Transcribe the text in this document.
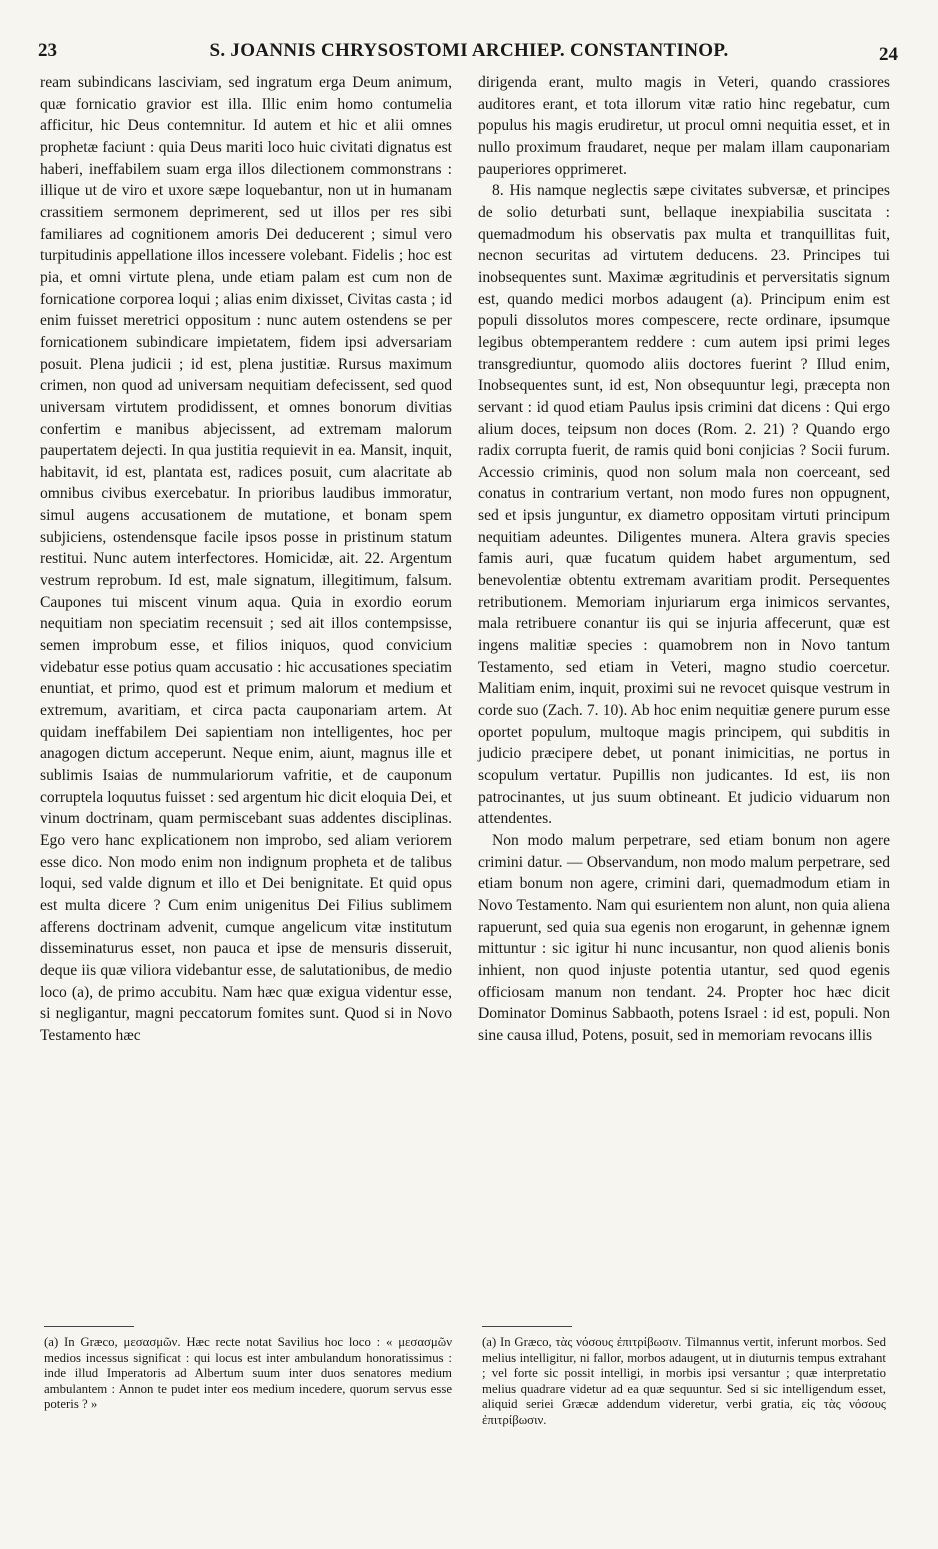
23	S. JOANNIS CHRYSOSTOMI ARCHIEP. CONSTANTINOP.	24

ream subindicans lasciviam, sed ingratum erga Deum animum, quæ fornicatio gravior est illa. Illic enim homo contumelia afficitur, hic Deus contemnitur. Id autem et hic et alii omnes prophetæ faciunt : quia Deus mariti loco huic civitati dignatus est haberi, ineffabilem suam erga illos dilectionem commonstrans : illique ut de viro et uxore sæpe loquebantur, non ut in humanam crassitiem sermonem deprimerent, sed ut illos per res sibi familiares ad cognitionem amoris Dei deducerent ; simul vero turpitudinis appellatione illos incessere volebant. Fidelis ; hoc est pia, et omni virtute plena, unde etiam palam est cum non de fornicatione corporea loqui ; alias enim dixisset, Civitas casta ; id enim fuisset meretrici oppositum : nunc autem ostendens se per fornicationem subindicare impietatem, fidem ipsi adversariam posuit. Plena judicii ; id est, plena justitiæ. Rursus maximum crimen, non quod ad universam nequitiam defecissent, sed quod universam virtutem prodidissent, et omnes bonorum divitias confertim e manibus abjecissent, ad extremam malorum paupertatem dejecti. In qua justitia requievit in ea. Mansit, inquit, habitavit, id est, plantata est, radices posuit, cum alacritate ab omnibus civibus exercebatur. In prioribus laudibus immoratur, simul augens accusationem de mutatione, et bonam spem subjiciens, ostendensque facile ipsos posse in pristinum statum restitui. Nunc autem interfectores. Homicidæ, ait. 22. Argentum vestrum reprobum. Id est, male signatum, illegitimum, falsum. Caupones tui miscent vinum aqua. Quia in exordio eorum nequitiam non speciatim recensuit ; sed ait illos contempsisse, semen improbum esse, et filios iniquos, quod convicium videbatur esse potius quam accusatio : hic accusationes speciatim enuntiat, et primo, quod est et primum malorum et medium et extremum, avaritiam, et circa pacta cauponariam artem. At quidam ineffabilem Dei sapientiam non intelligentes, hoc per anagogen dictum acceperunt. Neque enim, aiunt, magnus ille et sublimis Isaias de nummulariorum vafritie, et de cauponum corruptela loquutus fuisset : sed argentum hic dicit eloquia Dei, et vinum doctrinam, quam permiscebant suas addentes disciplinas. Ego vero hanc explicationem non improbo, sed aliam veriorem esse dico. Non modo enim non indignum propheta et de talibus loqui, sed valde dignum et illo et Dei benignitate. Et quid opus est multa dicere ? Cum enim unigenitus Dei Filius sublimem afferens doctrinam advenit, cumque angelicum vitæ institutum disseminaturus esset, non pauca et ipse de mensuris disseruit, deque iis quæ viliora videbantur esse, de salutationibus, de medio loco (a), de primo accubitu. Nam hæc quæ exigua videntur esse, si negligantur, magni peccatorum fomites sunt. Quod si in Novo Testamento hæc

dirigenda erant, multo magis in Veteri, quando crassiores auditores erant, et tota illorum vitæ ratio hinc regebatur, cum populus his magis erudiretur, ut procul omni nequitia esset, et in nullo proximum fraudaret, neque per malam illam cauponariam pauperiores opprimeret.

8. His namque neglectis sæpe civitates subversæ, et principes de solio deturbati sunt, bellaque inexpiabilia suscitata : quemadmodum his observatis pax multa et tranquillitas fuit, necnon securitas ad virtutem deducens. 23. Principes tui inobsequentes sunt. Maximæ ægritudinis et perversitatis signum est, quando medici morbos adaugent (a). Principum enim est populi dissolutos mores compescere, recte ordinare, ipsumque legibus obtemperantem reddere : cum autem ipsi primi leges transgrediuntur, quomodo aliis doctores fuerint ? Illud enim, Inobsequentes sunt, id est, Non obsequuntur legi, præcepta non servant : id quod etiam Paulus ipsis crimini dat dicens : Qui ergo alium doces, teipsum non doces (Rom. 2. 21) ? Quando ergo radix corrupta fuerit, de ramis quid boni conjicias ? Socii furum. Accessio criminis, quod non solum mala non coerceant, sed conatus in contrarium vertant, non modo fures non oppugnent, sed et ipsis junguntur, ex diametro oppositam virtuti principum nequitiam adeuntes. Diligentes munera. Altera gravis species famis auri, quæ fucatum quidem habet argumentum, sed benevolentiæ obtentu extremam avaritiam prodit. Persequentes retributionem. Memoriam injuriarum erga inimicos servantes, mala retribuere conantur iis qui se injuria affecerunt, quæ est ingens malitiæ species : quamobrem non in Novo tantum Testamento, sed etiam in Veteri, magno studio coercetur. Malitiam enim, inquit, proximi sui ne revocet quisque vestrum in corde suo (Zach. 7. 10). Ab hoc enim nequitiæ genere purum esse oportet populum, multoque magis principem, qui subditis in judicio præcipere debet, ut ponant inimicitias, ne portus in scopulum vertatur. Pupillis non judicantes. Id est, iis non patrocinantes, ut jus suum obtineant. Et judicio viduarum non attendentes.

Non modo malum perpetrare, sed etiam bonum non agere crimini datur. — Observandum, non modo malum perpetrare, sed etiam bonum non agere, crimini dari, quemadmodum etiam in Novo Testamento. Nam qui esurientem non alunt, non quia aliena rapuerunt, sed quia sua egenis non erogarunt, in gehennæ ignem mittuntur : sic igitur hi nunc incusantur, non quod alienis bonis inhient, non quod injuste potentia utantur, sed quod egenis officiosam manum non tendant. 24. Propter hoc hæc dicit Dominator Dominus Sabbaoth, potens Israel : id est, populi. Non sine causa illud, Potens, posuit, sed in memoriam revocans illis

(a) In Græco, μεσασμῶν. Hæc recte notat Savilius hoc loco : « μεσασμῶν medios incessus significat : qui locus est inter ambulandum honoratissimus : inde illud Imperatoris ad Albertum suum inter duos senatores medium ambulantem : Annon te pudet inter eos medium incedere, quorum servus esse poteris ? »
(a) In Græco, τὰς νόσους ἐπιτρίβωσιν. Tilmannus vertit, inferunt morbos. Sed melius intelligitur, ni fallor, morbos adaugent, ut in diuturnis tempus extrahant ; vel forte sic possit intelligi, in morbis ipsi versantur ; quæ interpretatio melius quadrare videtur ad ea quæ sequuntur. Sed si sic intelligendum esset, aliquid seriei Græcæ addendum videretur, verbi gratia, εἰς τὰς νόσους ἐπιτρίβωσιν.
